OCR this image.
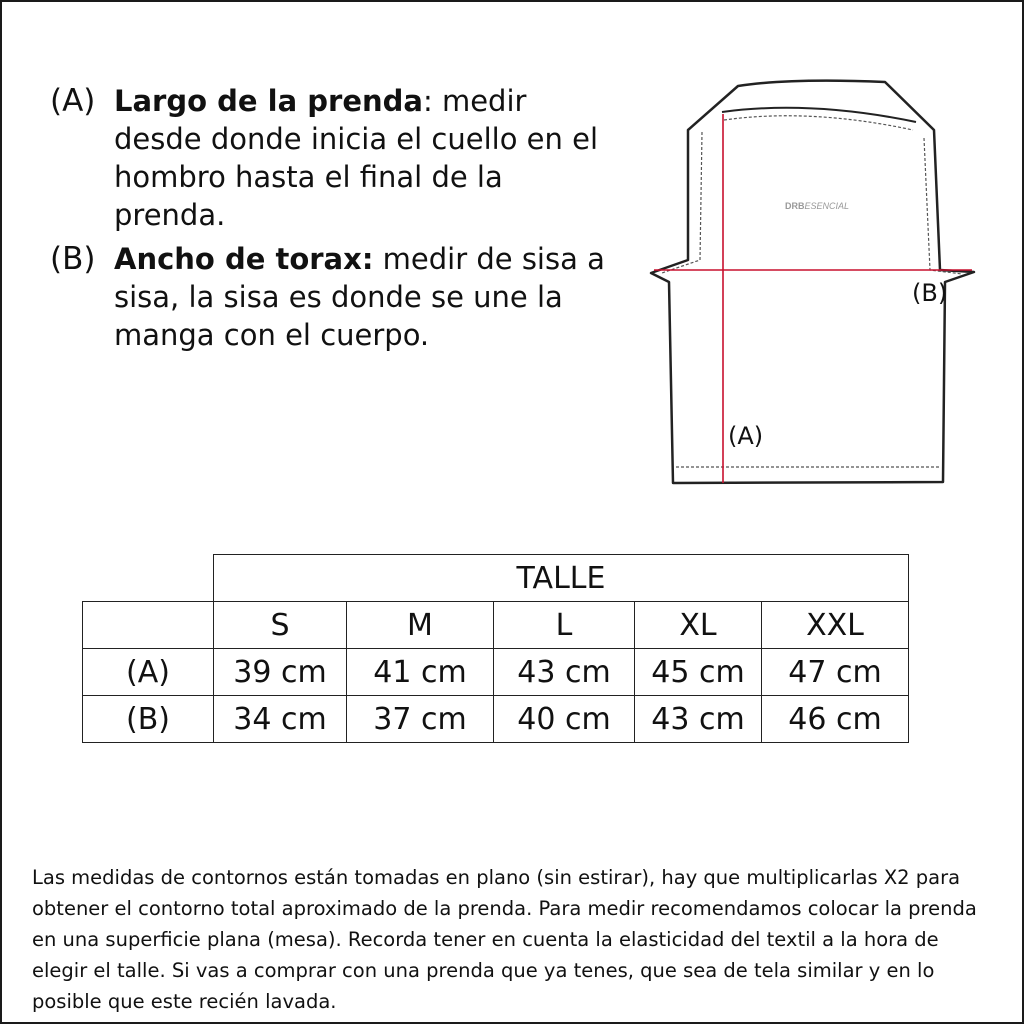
(A) Largo de la prenda: medir desde donde inicia el cuello en el hombro hasta el final de la prenda.
(B) Ancho de torax: medir de sisa a sisa, la sisa es donde se une la manga con el cuerpo.
DRBESENCIAL
(B)
(A)
	TALLE				
	S	M	L	XL	XXL
(A)	39 cm	41 cm	43 cm	45 cm	47 cm
(B)	34 cm	37 cm	40 cm	43 cm	46 cm

Las medidas de contornos están tomadas en plano (sin estirar), hay que multiplicarlas X2 para obtener el contorno total aproximado de la prenda. Para medir recomendamos colocar la prenda en una superficie plana (mesa). Recorda tener en cuenta la elasticidad del textil a la hora de elegir el talle. Si vas a comprar con una prenda que ya tenes, que sea de tela similar y en lo posible que este recién lavada.
